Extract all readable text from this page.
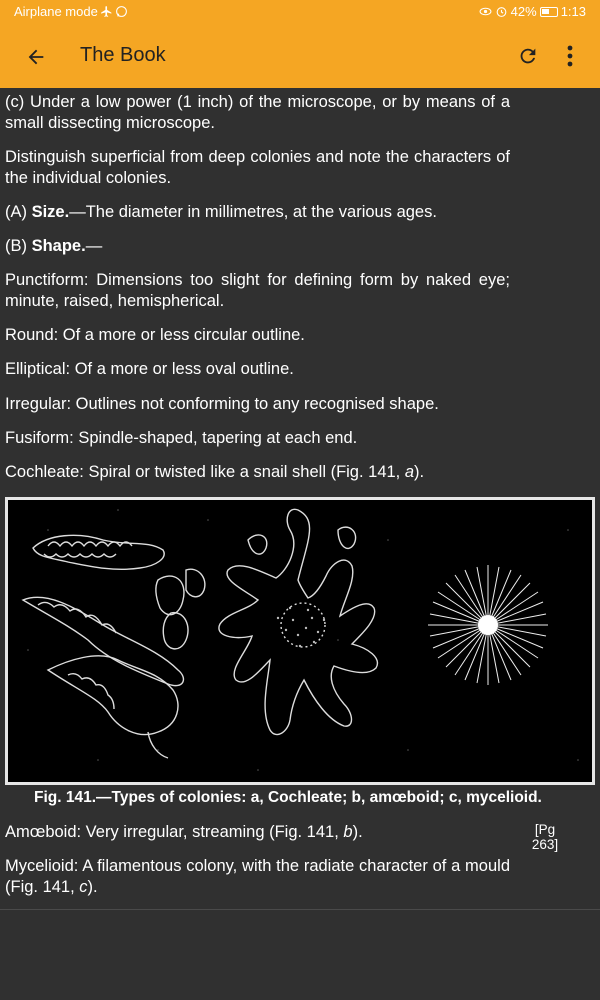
Airplane mode	42% 1:13
The Book
(c) Under a low power (1 inch) of the microscope, or by means of a small dissecting microscope.
Distinguish superficial from deep colonies and note the characters of the individual colonies.
(A) Size.—The diameter in millimetres, at the various ages.
(B) Shape.—
Punctiform: Dimensions too slight for defining form by naked eye; minute, raised, hemispherical.
Round: Of a more or less circular outline.
Elliptical: Of a more or less oval outline.
Irregular: Outlines not conforming to any recognised shape.
Fusiform: Spindle-shaped, tapering at each end.
Cochleate: Spiral or twisted like a snail shell (Fig. 141, a).
Fig. 141.—Types of colonies: a, Cochleate; b, amœboid; c, mycelioid.
Amœboid: Very irregular, streaming (Fig. 141, b).
Mycelioid: A filamentous colony, with the radiate character of a mould (Fig. 141, c).
[Pg
263]
